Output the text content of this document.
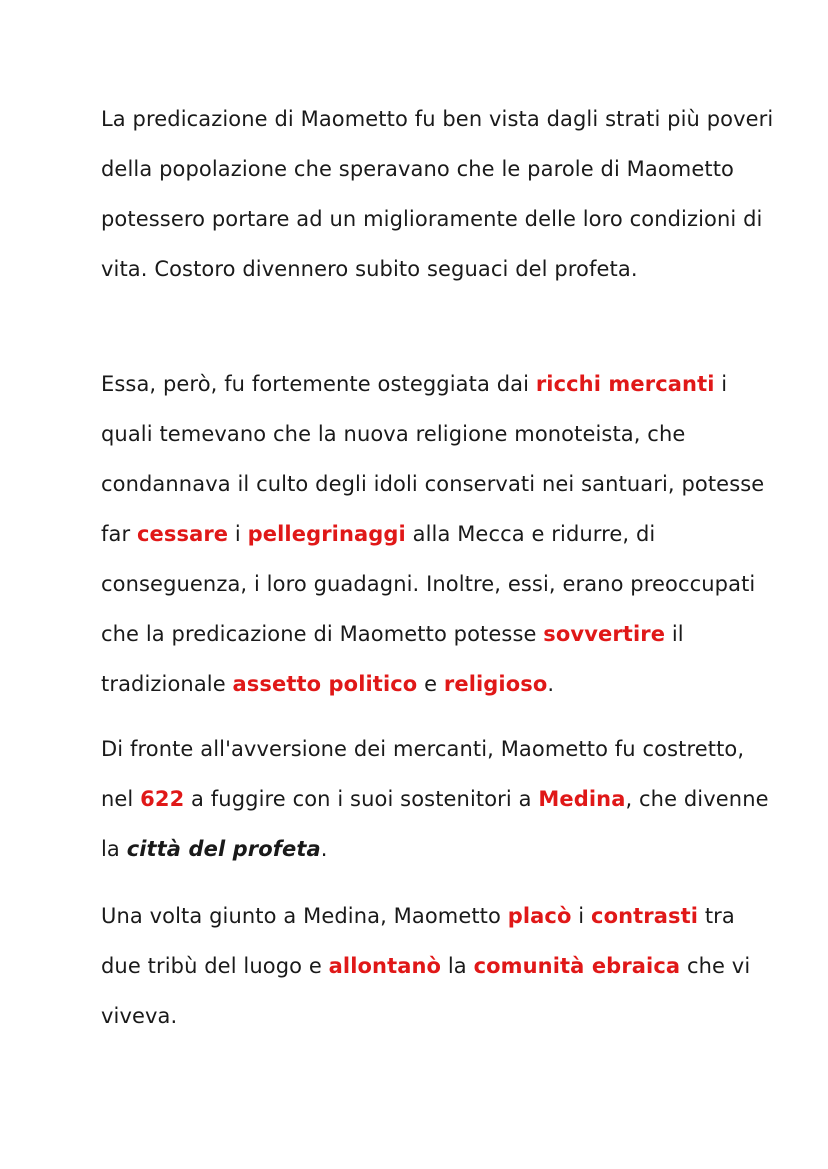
La predicazione di Maometto fu ben vista dagli strati più poveri della popolazione che speravano che le parole di Maometto potessero portare ad un miglioramente delle loro condizioni di vita. Costoro divennero subito seguaci del profeta.

Essa, però, fu fortemente osteggiata dai ricchi mercanti i quali temevano che la nuova religione monoteista, che condannava il culto degli idoli conservati nei santuari, potesse far cessare i pellegrinaggi alla Mecca e ridurre, di conseguenza, i loro guadagni. Inoltre, essi, erano preoccupati che la predicazione di Maometto potesse sovvertire il tradizionale assetto politico e religioso.

Di fronte all'avversione dei mercanti, Maometto fu costretto, nel 622 a fuggire con i suoi sostenitori a Medina, che divenne la città del profeta.

Una volta giunto a Medina, Maometto placò i contrasti tra due tribù del luogo e allontanò la comunità ebraica che vi viveva.
